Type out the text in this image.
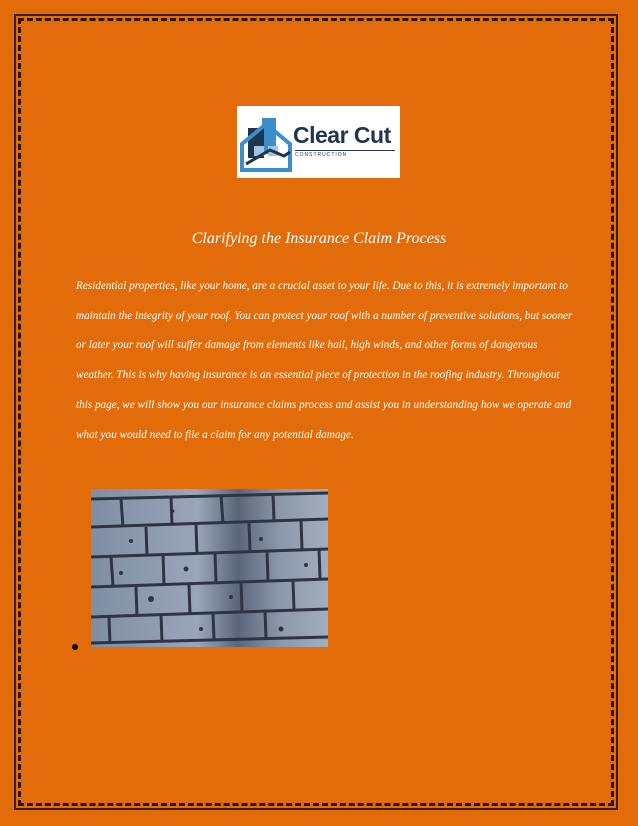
Clear Cut
CONSTRUCTION
Clarifying the Insurance Claim Process
Residential properties, like your home, are a crucial asset to your life. Due to this, it is extremely important to maintain the integrity of your roof. You can protect your roof with a number of preventive solutions, but sooner or later your roof will suffer damage from elements like hail, high winds, and other forms of dangerous weather. This is why having insurance is an essential piece of protection in the roofing industry. Throughout this page, we will show you our insurance claims process and assist you in understanding how we operate and what you would need to file a claim for any potential damage.
